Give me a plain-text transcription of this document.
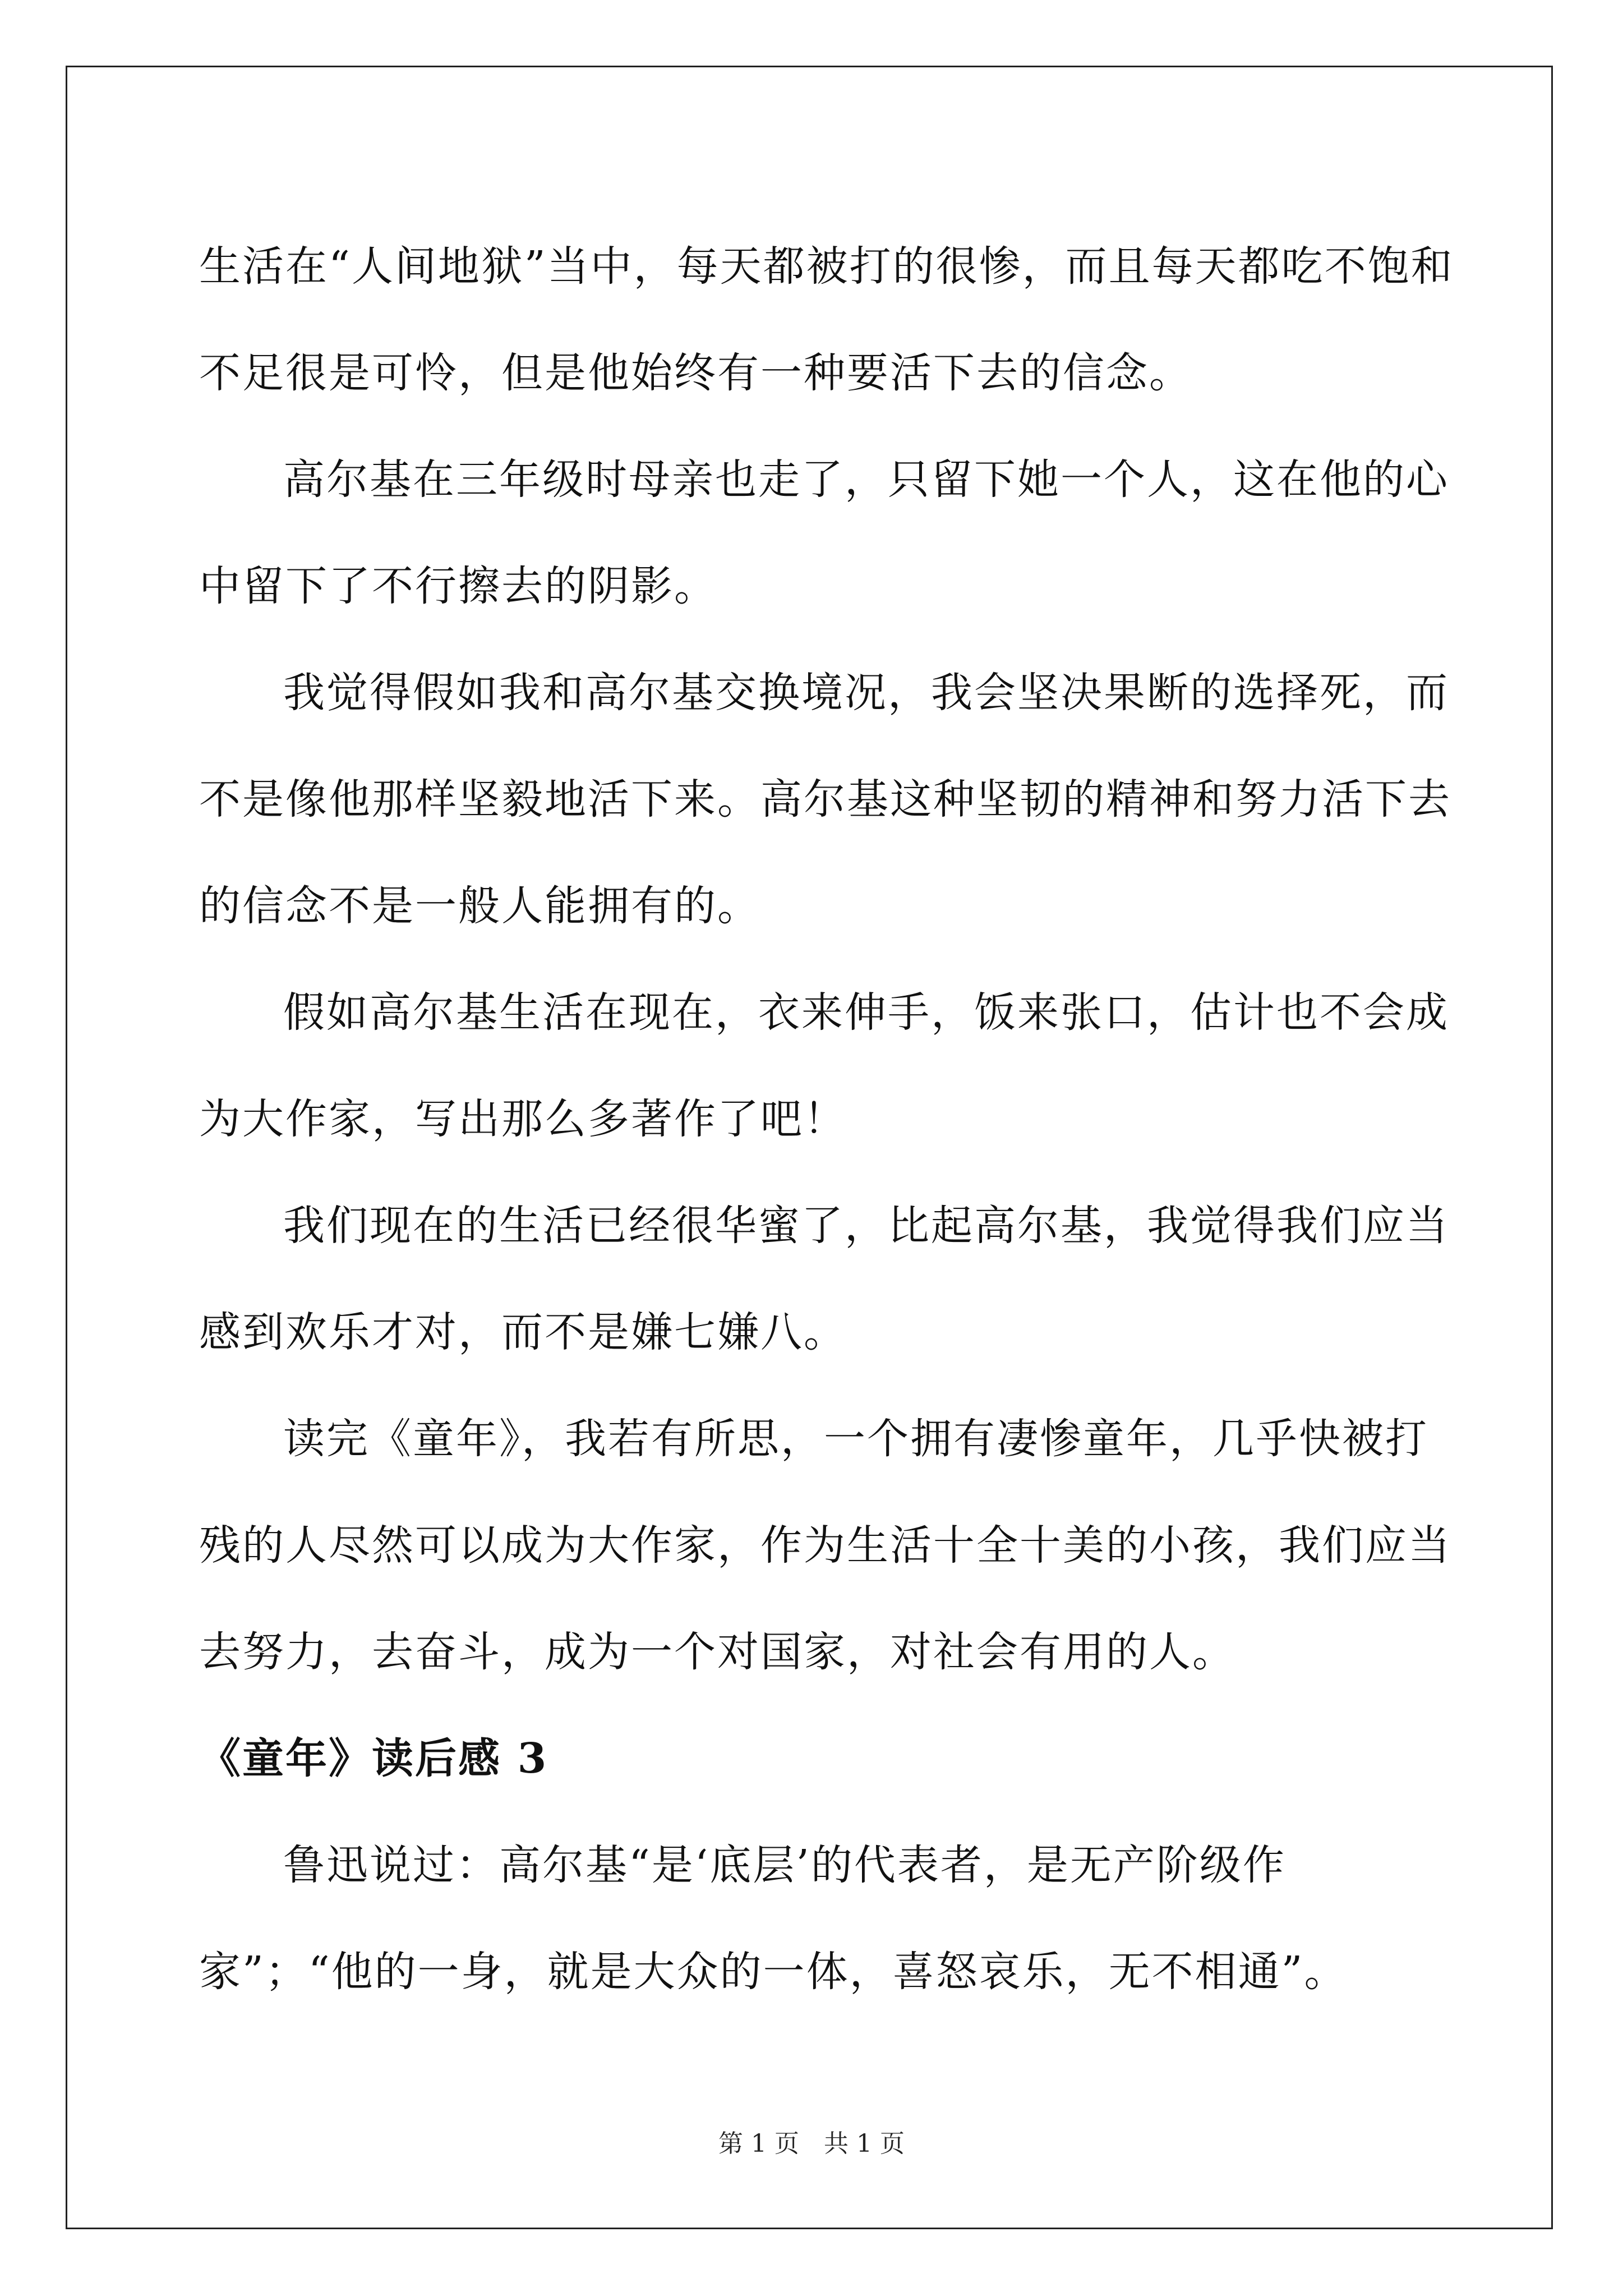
生活在“人间地狱”当中，每天都被打的很惨，而且每天都吃不饱和不足很是可怜，但是他始终有一种要活下去的信念。

高尔基在三年级时母亲也走了，只留下她一个人，这在他的心中留下了不行擦去的阴影。

我觉得假如我和高尔基交换境况，我会坚决果断的选择死，而不是像他那样坚毅地活下来。高尔基这种坚韧的精神和努力活下去的信念不是一般人能拥有的。

假如高尔基生活在现在，衣来伸手，饭来张口，估计也不会成为大作家，写出那么多著作了吧！

我们现在的生活已经很华蜜了，比起高尔基，我觉得我们应当感到欢乐才对，而不是嫌七嫌八。

读完《童年》，我若有所思，一个拥有凄惨童年，几乎快被打残的人尽然可以成为大作家，作为生活十全十美的小孩，我们应当去努力，去奋斗，成为一个对国家，对社会有用的人。

《童年》读后感 3

鲁迅说过：高尔基“是‘底层’的代表者，是无产阶级作家”；“他的一身，就是大众的一体，喜怒哀乐，无不相通”。

第 1 页　共 1 页
